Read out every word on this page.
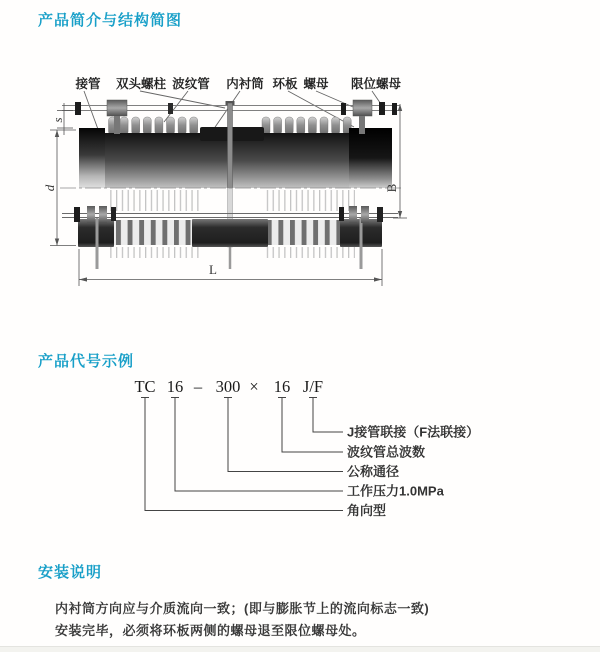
产品简介与结构简图
s
d	B
L
接管 双头螺柱 波纹管 内衬筒 环板 螺母 限位螺母
产品代号示例
TC 16 – 300 × 16 J/F
J接管联接（F法联接）
波纹管总波数
公称通径
工作压力1.0MPa
角向型
安装说明

内衬筒方向应与介质流向一致；(即与膨胀节上的流向标志一致)

安装完毕，必须将环板两侧的螺母退至限位螺母处。
